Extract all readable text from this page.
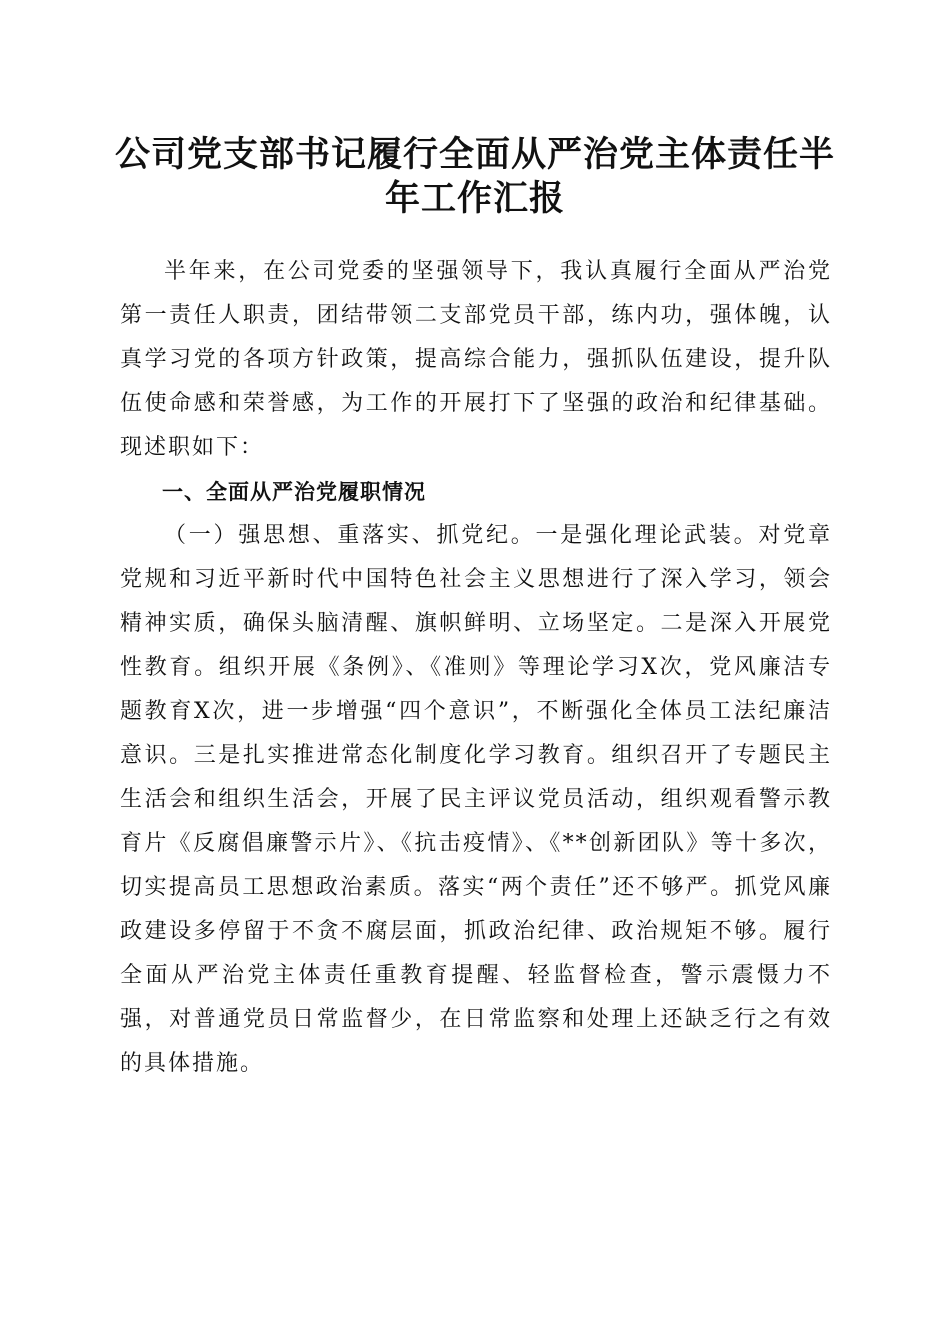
公司党支部书记履行全面从严治党主体责任半
年工作汇报

半年来，在公司党委的坚强领导下，我认真履行全面从严治党第一责任人职责，团结带领二支部党员干部，练内功，强体魄，认真学习党的各项方针政策，提高综合能力，强抓队伍建设，提升队伍使命感和荣誉感，为工作的开展打下了坚强的政治和纪律基础。现述职如下：

一、全面从严治党履职情况

（一）强思想、重落实、抓党纪。一是强化理论武装。对党章党规和习近平新时代中国特色社会主义思想进行了深入学习，领会精神实质，确保头脑清醒、旗帜鲜明、立场坚定。二是深入开展党性教育。组织开展《条例》、《准则》等理论学习X次，党风廉洁专题教育X次，进一步增强“四个意识”，不断强化全体员工法纪廉洁意识。三是扎实推进常态化制度化学习教育。组织召开了专题民主生活会和组织生活会，开展了民主评议党员活动，组织观看警示教育片《反腐倡廉警示片》、《抗击疫情》、《**创新团队》等十多次，切实提高员工思想政治素质。落实“两个责任”还不够严。抓党风廉政建设多停留于不贪不腐层面，抓政治纪律、政治规矩不够。履行全面从严治党主体责任重教育提醒、轻监督检查，警示震慑力不强，对普通党员日常监督少，在日常监察和处理上还缺乏行之有效的具体措施。
